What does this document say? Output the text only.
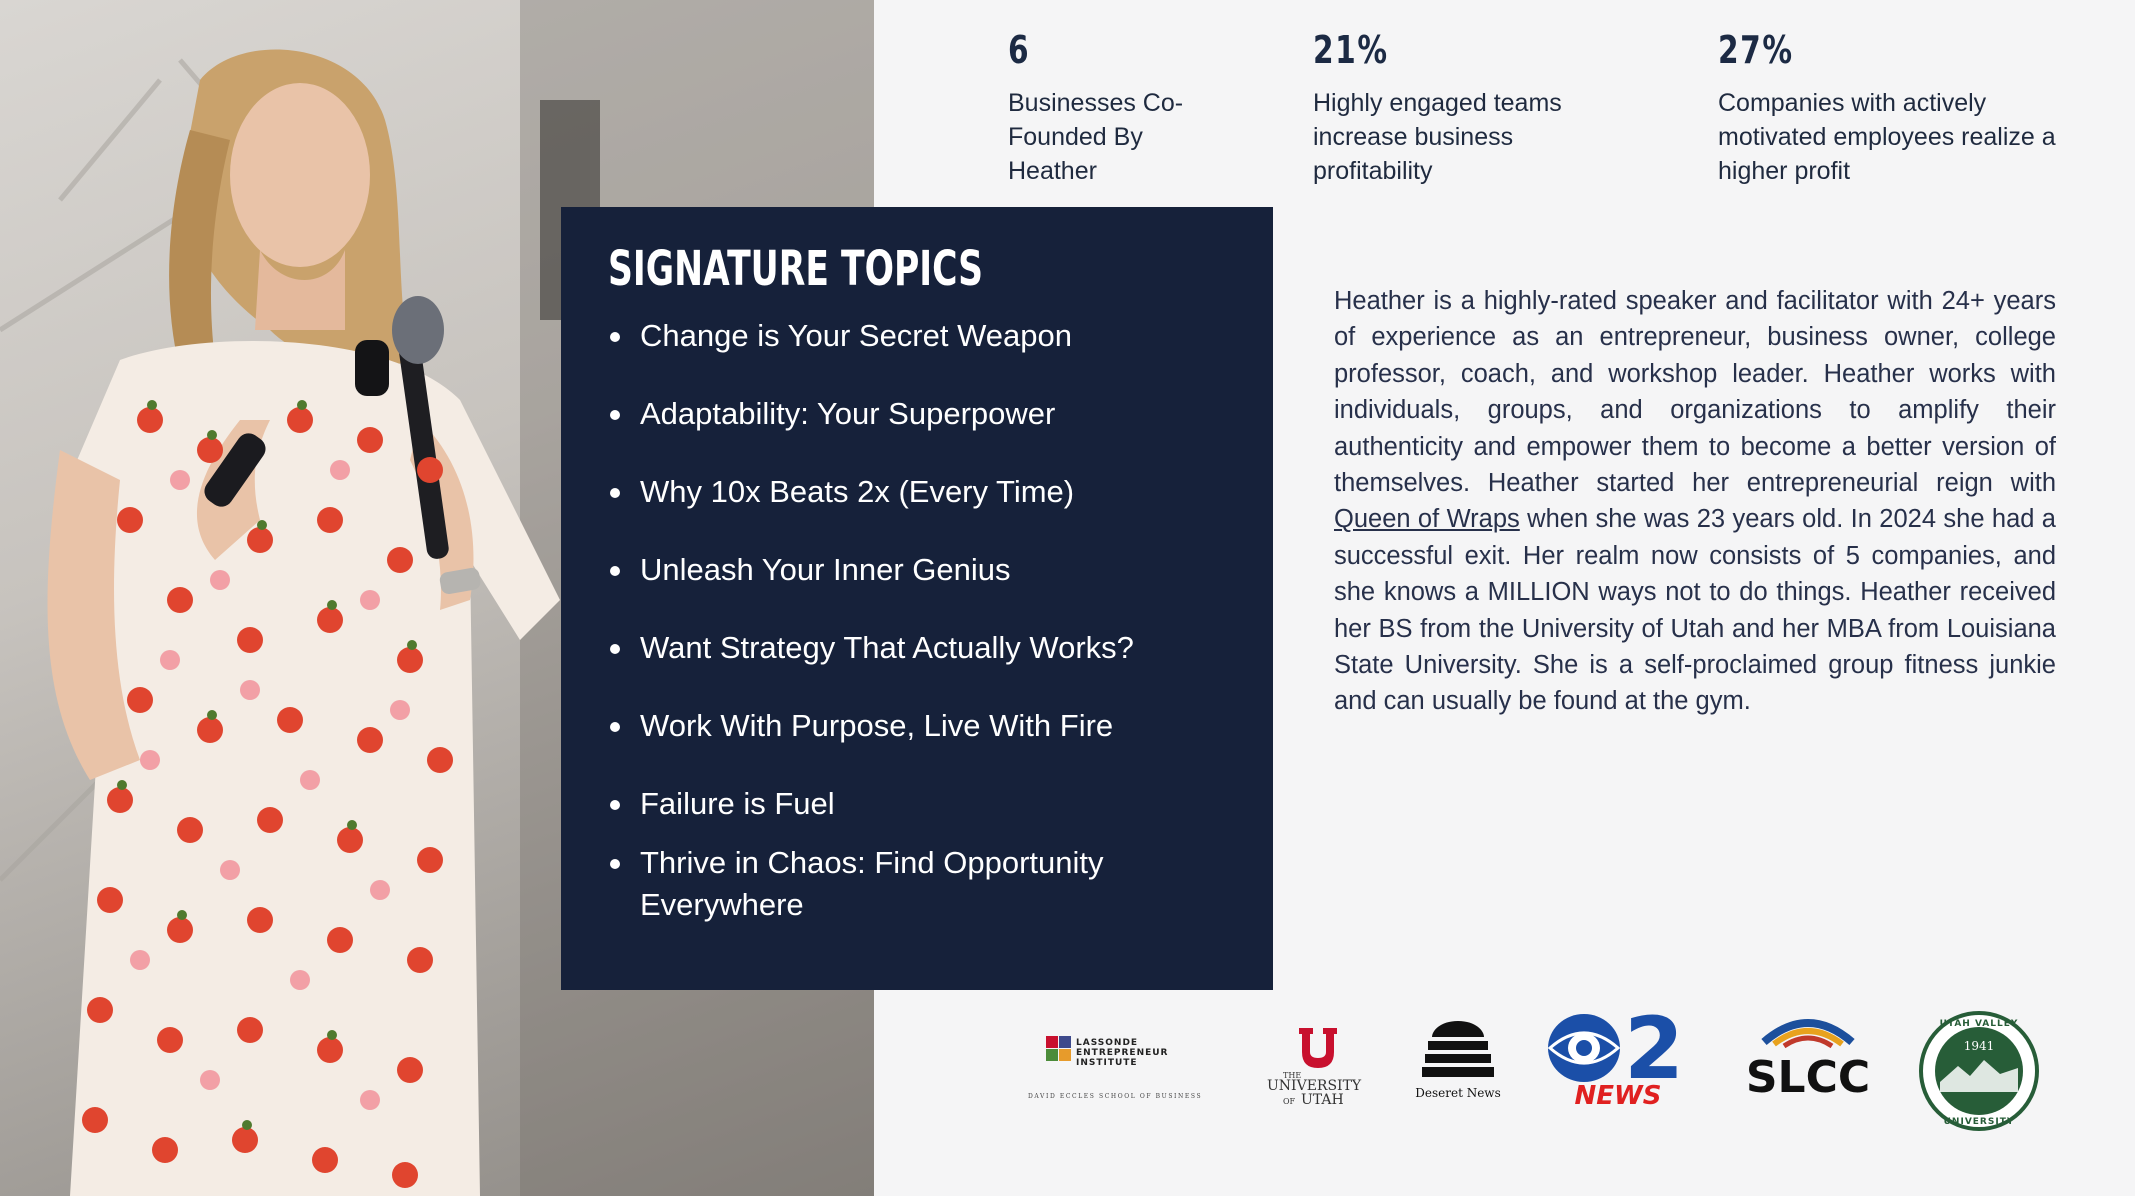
6
Businesses Co-Founded By Heather
21%
Highly engaged teams increase business profitability
27%
Companies with actively motivated employees realize a higher profit
SIGNATURE TOPICS
Change is Your Secret Weapon
Adaptability: Your Superpower
Why 10x Beats 2x (Every Time)
Unleash Your Inner Genius
Want Strategy That Actually Works?
Work With Purpose, Live With Fire
Failure is Fuel
Thrive in Chaos: Find Opportunity Everywhere

Heather is a highly-rated speaker and facilitator with 24+ years of experience as an entrepreneur, business owner, college professor, coach, and workshop leader. Heather works with individuals, groups, and organizations to amplify their authenticity and empower them to become a better version of themselves. Heather started her entrepreneurial reign with Queen of Wraps when she was 23 years old. In 2024 she had a successful exit. Her realm now consists of 5 companies, and she knows a MILLION ways not to do things. Heather received her BS from the University of Utah and her MBA from Louisiana State University. She is a self-proclaimed group fitness junkie and can usually be found at the gym.

LASSONDE
ENTREPRENEUR
INSTITUTE
DAVID ECCLES SCHOOL OF BUSINESS
THE
UNIVERSITY
OF UTAH	Deseret News 2
NEWS SLCC
1941
UTAH VALLEY
UNIVERSITY
